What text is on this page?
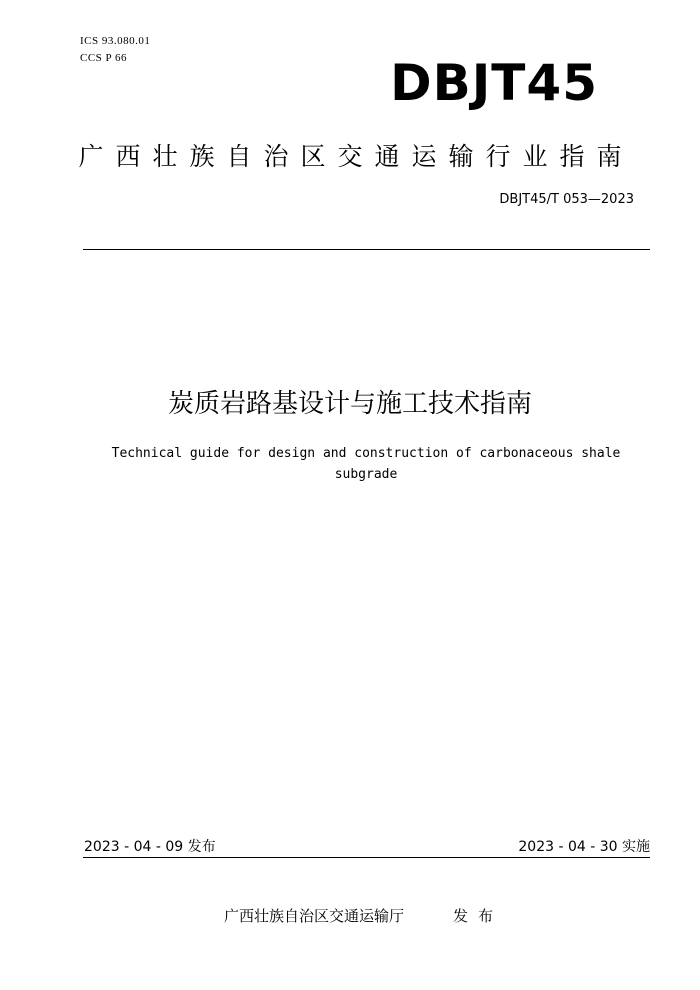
ICS 93.080.01
CCS P 66	DBJT45
广西壮族自治区交通运输行业指南
DBJT45/T 053—2023
炭质岩路基设计与施工技术指南
Technical guide for design and construction of carbonaceous shale
subgrade
2023 - 04 - 09 发布	2023 - 04 - 30 实施
广西壮族自治区交通运输厅	发布
